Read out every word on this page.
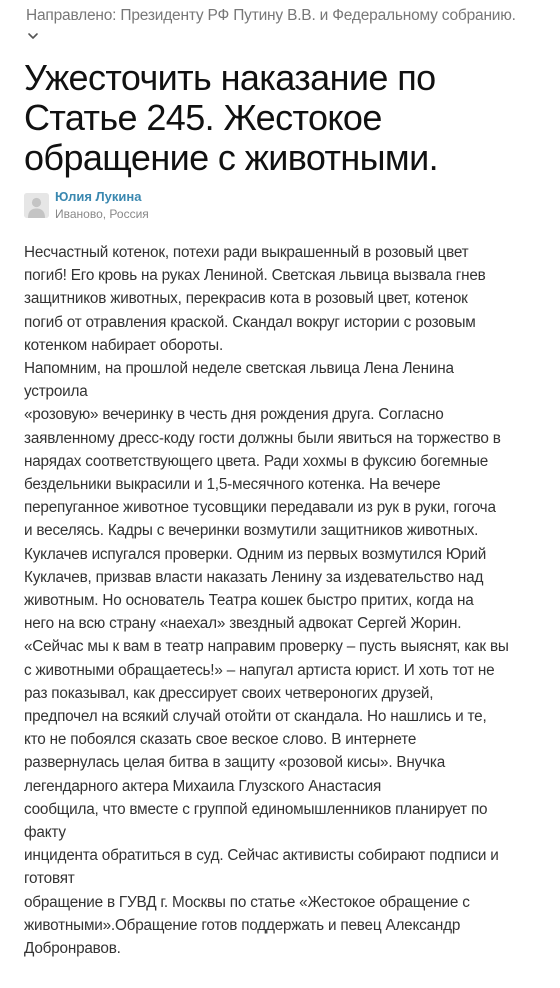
Направлено: Президенту РФ Путину В.В. и Федеральному собранию.
Ужесточить наказание по Статье 245. Жестокое обращение с животными.
Юлия Лукина
Иваново, Россия

Несчастный котенок, потехи ради выкрашенный в розовый цвет

погиб! Его кровь на руках Лениной. Светская львица вызвала гнев

защитников животных, перекрасив кота в розовый цвет, котенок

погиб от отравления краской. Скандал вокруг истории с розовым

котенком набирает обороты.

Напомним, на прошлой неделе светская львица Лена Ленина

устроила

«розовую» вечеринку в честь дня рождения друга. Согласно

заявленному дресс-коду гости должны были явиться на торжество в

нарядах соответствующего цвета. Ради хохмы в фуксию богемные

бездельники выкрасили и 1,5-месячного котенка. На вечере

перепуганное животное тусовщики передавали из рук в руки, гогоча

и веселясь. Кадры с вечеринки возмутили защитников животных.

Куклачев испугался проверки. Одним из первых возмутился Юрий

Куклачев, призвав власти наказать Ленину за издевательство над

животным. Но основатель Театра кошек быстро притих, когда на

него на всю страну «наехал» звездный адвокат Сергей Жорин.

«Сейчас мы к вам в театр направим проверку – пусть выяснят, как вы

с животными обращаетесь!» – напугал артиста юрист. И хоть тот не

раз показывал, как дрессирует своих четвероногих друзей,

предпочел на всякий случай отойти от скандала. Но нашлись и те,

кто не побоялся сказать свое веское слово. В интернете

развернулась целая битва в защиту «розовой кисы». Внучка

легендарного актера Михаила Глузского Анастасия

сообщила, что вместе с группой единомышленников планирует по

факту

инцидента обратиться в суд. Сейчас активисты собирают подписи и

готовят

обращение в ГУВД г. Москвы по статье «Жестокое обращение с

животными».Обращение готов поддержать и певец Александр

Добронравов.
